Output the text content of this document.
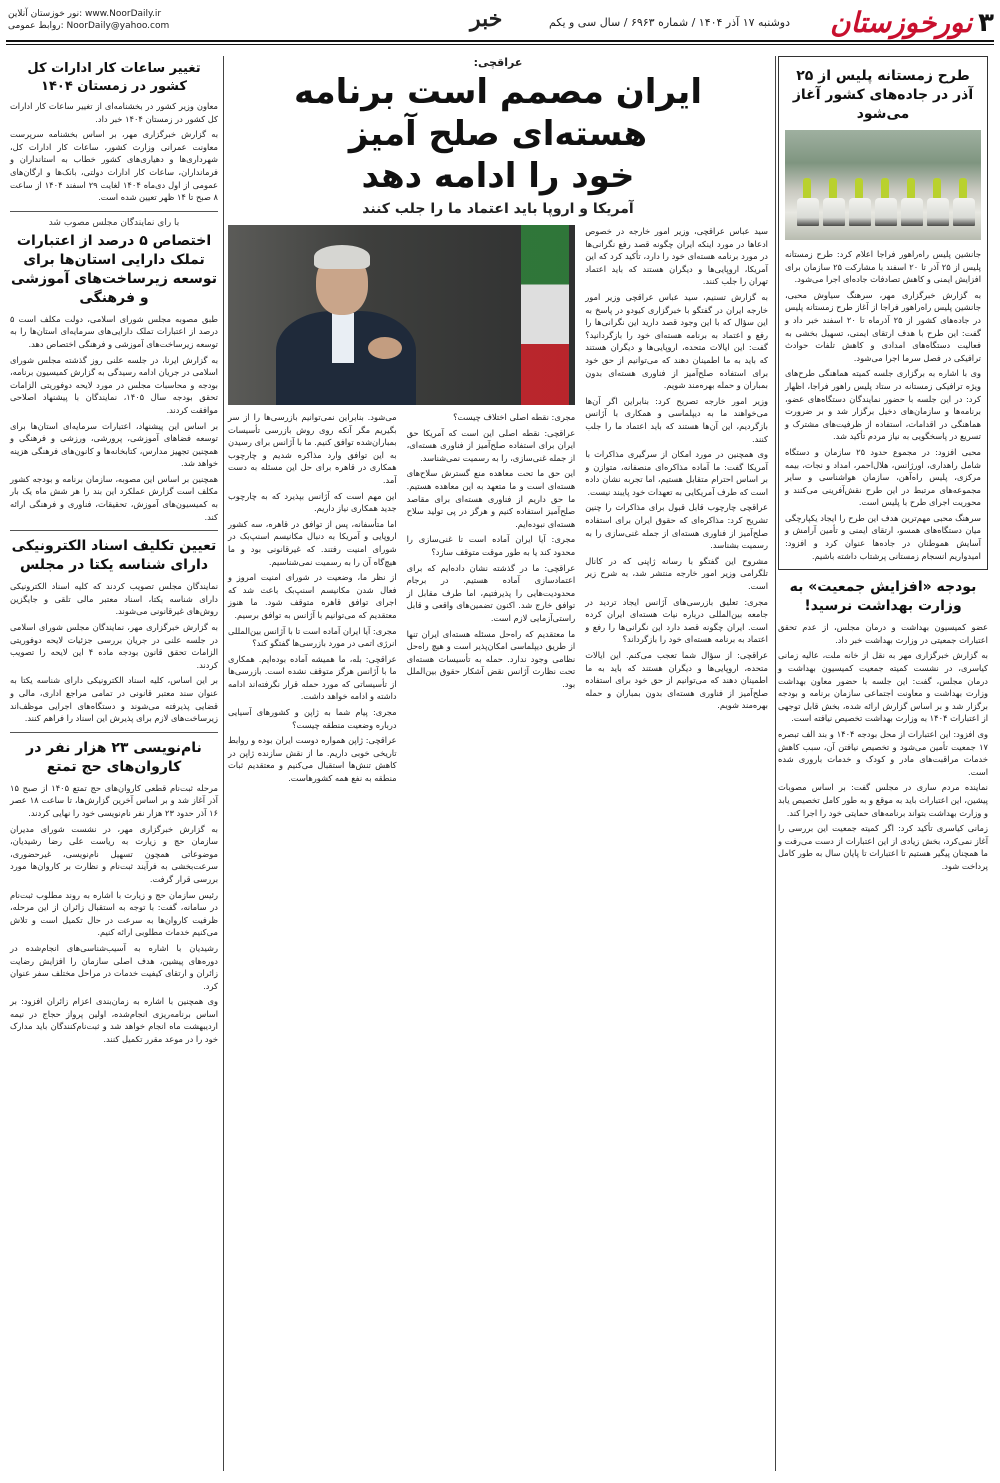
۳
نورخوزستان
دوشنبه ۱۷ آذر ۱۴۰۴ / شماره ۶۹۶۳ / سال سی و یکم
خبر
نور خوزستان آنلاین: www.NoorDaily.ir
روابط عمومی: NoorDaily@yahoo.com
طرح زمستانه پلیس از ۲۵ آذر در جاده‌های کشور آغاز می‌شود

جانشین پلیس راه‌راهور فراجا اعلام کرد: طرح زمستانه پلیس از ۲۵ آذر تا ۲۰ اسفند با مشارکت ۲۵ سازمان برای افزایش ایمنی و کاهش تصادفات جاده‌ای اجرا می‌شود.

به گزارش خبرگزاری مهر، سرهنگ سیاوش محبی، جانشین پلیس راه‌راهور فراجا از آغاز طرح زمستانه پلیس در جاده‌های کشور از ۲۵ آذرماه تا ۲۰ اسفند خبر داد و گفت: این طرح با هدف ارتقای ایمنی، تسهیل بخشی به فعالیت دستگاه‌های امدادی و کاهش تلفات حوادث ترافیکی در فصل سرما اجرا می‌شود.

وی با اشاره به برگزاری جلسه کمیته هماهنگی طرح‌های ویژه ترافیکی زمستانه در ستاد پلیس راهور فراجا، اظهار کرد: در این جلسه با حضور نمایندگان دستگاه‌های عضو، برنامه‌ها و سازمان‌های دخیل برگزار شد و بر ضرورت هماهنگی در اقدامات، استفاده از ظرفیت‌های مشترک و تسریع در پاسخگویی به نیاز مردم تأکید شد.

محبی افزود: در مجموع حدود ۲۵ سازمان و دستگاه شامل راهداری، اورژانس، هلال‌احمر، امداد و نجات، بیمه مرکزی، پلیس راه‌آهن، سازمان هواشناسی و سایر مجموعه‌های مرتبط در این طرح نقش‌آفرینی می‌کنند و محوریت اجرای طرح با پلیس است.

سرهنگ محبی مهم‌ترین هدف این طرح را ایجاد یکپارچگی میان دستگاه‌های همسو، ارتقای ایمنی و تأمین آرامش و آسایش هموطنان در جاده‌ها عنوان کرد و افزود: امیدواریم انسجام زمستانی پرشتاب داشته باشیم.

بودجه «افزایش جمعیت» به وزارت بهداشت نرسید!

عضو کمیسیون بهداشت و درمان مجلس، از عدم تحقق اعتبارات جمعیتی در وزارت بهداشت خبر داد.

به گزارش خبرگزاری مهر به نقل از خانه ملت، عالیه زمانی کیاسری، در نشست کمیته جمعیت کمیسیون بهداشت و درمان مجلس، گفت: این جلسه با حضور معاون بهداشت وزارت بهداشت و معاونت اجتماعی سازمان برنامه و بودجه برگزار شد و بر اساس گزارش ارائه شده، بخش قابل توجهی از اعتبارات ۱۴۰۴ به وزارت بهداشت تخصیص نیافته است.

وی افزود: این اعتبارات از محل بودجه ۱۴۰۴ و بند الف تبصره ۱۷ جمعیت تأمین می‌شود و تخصیص نیافتن آن، سبب کاهش خدمات مراقبت‌های مادر و کودک و خدمات باروری شده است.

نماینده مردم ساری در مجلس گفت: بر اساس مصوبات پیشین، این اعتبارات باید به موقع و به طور کامل تخصیص یابد و وزارت بهداشت بتواند برنامه‌های حمایتی خود را اجرا کند.

زمانی کیاسری تأکید کرد: اگر کمیته جمعیت این بررسی را آغاز نمی‌کرد، بخش زیادی از این اعتبارات از دست می‌رفت و ما همچنان پیگیر هستیم تا اعتبارات تا پایان سال به طور کامل پرداخت شود.

عراقچی:
ایران مصمم است برنامه هسته‌ای صلح آمیز
خود را ادامه دهد
آمریکا و اروپا باید اعتماد ما را جلب کنند

سید عباس عراقچی، وزیر امور خارجه در خصوص ادعاها در مورد اینکه ایران چگونه قصد رفع نگرانی‌ها در مورد برنامه هسته‌ای خود را دارد، تأکید کرد که این آمریکا، اروپایی‌ها و دیگران هستند که باید اعتماد تهران را جلب کنند.

به گزارش تسنیم، سید عباس عراقچی وزیر امور خارجه ایران در گفتگو با خبرگزاری کیودو در پاسخ به این سؤال که با این وجود قصد دارید این نگرانی‌ها را رفع و اعتماد به برنامه هسته‌ای خود را بازگردانید؟ گفت: این ایالات متحده، اروپایی‌ها و دیگران هستند که باید به ما اطمینان دهند که می‌توانیم از حق خود برای استفاده صلح‌آمیز از فناوری هسته‌ای بدون بمباران و حمله بهره‌مند شویم.

وزیر امور خارجه تصریح کرد: بنابراین اگر آن‌ها می‌خواهند ما به دیپلماسی و همکاری با آژانس بازگردیم، این آن‌ها هستند که باید اعتماد ما را جلب کنند.

وی همچنین در مورد امکان از سرگیری مذاکرات با آمریکا گفت: ما آماده مذاکره‌ای منصفانه، متوازن و بر اساس احترام متقابل هستیم، اما تجربه نشان داده است که طرف آمریکایی به تعهدات خود پایبند نیست.

عراقچی چارچوب قابل قبول برای مذاکرات را چنین تشریح کرد: مذاکره‌ای که حقوق ایران برای استفاده صلح‌آمیز از فناوری هسته‌ای از جمله غنی‌سازی را به رسمیت بشناسد.

مشروح این گفتگو با رسانه ژاپنی که در کانال تلگرامی وزیر امور خارجه منتشر شد، به شرح زیر است.

مجری: تعلیق بازرسی‌های آژانس ایجاد تردید در جامعه بین‌المللی درباره نیات هسته‌ای ایران کرده است. ایران چگونه قصد دارد این نگرانی‌ها را رفع و اعتماد به برنامه هسته‌ای خود را بازگرداند؟

عراقچی: از سؤال شما تعجب می‌کنم. این ایالات متحده، اروپایی‌ها و دیگران هستند که باید به ما اطمینان دهند که می‌توانیم از حق خود برای استفاده صلح‌آمیز از فناوری هسته‌ای بدون بمباران و حمله بهره‌مند شویم.

مجری: نقطه اصلی اختلاف چیست؟

عراقچی: نقطه اصلی این است که آمریکا حق ایران برای استفاده صلح‌آمیز از فناوری هسته‌ای، از جمله غنی‌سازی، را به رسمیت نمی‌شناسد.

این حق ما تحت معاهده منع گسترش سلاح‌های هسته‌ای است و ما متعهد به این معاهده هستیم. ما حق داریم از فناوری هسته‌ای برای مقاصد صلح‌آمیز استفاده کنیم و هرگز در پی تولید سلاح هسته‌ای نبوده‌ایم.

مجری: آیا ایران آماده است تا غنی‌سازی را محدود کند یا به طور موقت متوقف سازد؟

عراقچی: ما در گذشته نشان داده‌ایم که برای اعتمادسازی آماده هستیم. در برجام محدودیت‌هایی را پذیرفتیم، اما طرف مقابل از توافق خارج شد. اکنون تضمین‌های واقعی و قابل راستی‌آزمایی لازم است.

ما معتقدیم که راه‌حل مسئله هسته‌ای ایران تنها از طریق دیپلماسی امکان‌پذیر است و هیچ راه‌حل نظامی وجود ندارد. حمله به تأسیسات هسته‌ای تحت نظارت آژانس نقض آشکار حقوق بین‌الملل بود.

می‌شود. بنابراین نمی‌توانیم بازرسی‌ها را از سر بگیریم مگر آنکه روی روش بازرسی تأسیسات بمباران‌شده توافق کنیم. ما با آژانس برای رسیدن به این توافق وارد مذاکره شدیم و چارچوب همکاری در قاهره برای حل این مسئله به دست آمد.

این مهم است که آژانس بپذیرد که به چارچوب جدید همکاری نیاز داریم.

اما متأسفانه، پس از توافق در قاهره، سه کشور اروپایی و آمریکا به دنبال مکانیسم اسنپ‌بک در شورای امنیت رفتند. که غیرقانونی بود و ما هیچ‌گاه آن را به رسمیت نمی‌شناسیم.

از نظر ما، وضعیت در شورای امنیت امروز و فعال شدن مکانیسم اسنپ‌بک باعث شد که اجرای توافق قاهره متوقف شود. ما هنوز معتقدیم که می‌توانیم با آژانس به توافق برسیم.

مجری: آیا ایران آماده است تا با آژانس بین‌المللی انرژی اتمی در مورد بازرسی‌ها گفتگو کند؟

عراقچی: بله، ما همیشه آماده بوده‌ایم. همکاری ما با آژانس هرگز متوقف نشده است. بازرسی‌ها از تأسیساتی که مورد حمله قرار نگرفته‌اند ادامه داشته و ادامه خواهد داشت.

مجری: پیام شما به ژاپن و کشورهای آسیایی درباره وضعیت منطقه چیست؟

عراقچی: ژاپن همواره دوست ایران بوده و روابط تاریخی خوبی داریم. ما از نقش سازنده ژاپن در کاهش تنش‌ها استقبال می‌کنیم و معتقدیم ثبات منطقه به نفع همه کشورهاست.

تغییر ساعات کار ادارات کل کشور در زمستان ۱۴۰۴

معاون وزیر کشور در بخشنامه‌ای از تغییر ساعات کار ادارات کل کشور در زمستان ۱۴۰۴ خبر داد.

به گزارش خبرگزاری مهر، بر اساس بخشنامه سرپرست معاونت عمرانی وزارت کشور، ساعات کار ادارات کل، شهرداری‌ها و دهیاری‌های کشور خطاب به استانداران و فرمانداران، ساعات کار ادارات دولتی، بانک‌ها و ارگان‌های عمومی از اول دی‌ماه ۱۴۰۴ لغایت ۲۹ اسفند ۱۴۰۴ از ساعت ۸ صبح تا ۱۴ ظهر تعیین شده است.

با رای نمایندگان مجلس مصوب شد
اختصاص ۵ درصد از اعتبارات تملک دارایی استان‌ها برای توسعه زیرساخت‌های آموزشی و فرهنگی

طبق مصوبه مجلس شورای اسلامی، دولت مکلف است ۵ درصد از اعتبارات تملک دارایی‌های سرمایه‌ای استان‌ها را به توسعه زیرساخت‌های آموزشی و فرهنگی اختصاص دهد.

به گزارش ایرنا، در جلسه علنی روز گذشته مجلس شورای اسلامی در جریان ادامه رسیدگی به گزارش کمیسیون برنامه، بودجه و محاسبات مجلس در مورد لایحه دوفوریتی الزامات تحقق بودجه سال ۱۴۰۵، نمایندگان با پیشنهاد اصلاحی موافقت کردند.

بر اساس این پیشنهاد، اعتبارات سرمایه‌ای استان‌ها برای توسعه فضاهای آموزشی، پرورشی، ورزشی و فرهنگی و همچنین تجهیز مدارس، کتابخانه‌ها و کانون‌های فرهنگی هزینه خواهد شد.

همچنین بر اساس این مصوبه، سازمان برنامه و بودجه کشور مکلف است گزارش عملکرد این بند را هر شش ماه یک بار به کمیسیون‌های آموزش، تحقیقات، فناوری و فرهنگی ارائه کند.

تعیین تکلیف اسناد الکترونیکی دارای شناسه یکتا در مجلس

نمایندگان مجلس تصویب کردند که کلیه اسناد الکترونیکی دارای شناسه یکتا، اسناد معتبر مالی تلقی و جایگزین روش‌های غیرقانونی می‌شوند.

به گزارش خبرگزاری مهر، نمایندگان مجلس شورای اسلامی در جلسه علنی در جریان بررسی جزئیات لایحه دوفوریتی الزامات تحقق قانون بودجه ماده ۴ این لایحه را تصویب کردند.

بر این اساس، کلیه اسناد الکترونیکی دارای شناسه یکتا به عنوان سند معتبر قانونی در تمامی مراجع اداری، مالی و قضایی پذیرفته می‌شوند و دستگاه‌های اجرایی موظف‌اند زیرساخت‌های لازم برای پذیرش این اسناد را فراهم کنند.

نام‌نویسی ۲۳ هزار نفر در کاروان‌های حج تمتع

مرحله ثبت‌نام قطعی کاروان‌های حج تمتع ۱۴۰۵ از صبح ۱۵ آذر آغاز شد و بر اساس آخرین گزارش‌ها، تا ساعت ۱۸ عصر ۱۶ آذر حدود ۲۳ هزار نفر نام‌نویسی خود را نهایی کردند.

به گزارش خبرگزاری مهر، در نشست شورای مدیران سازمان حج و زیارت به ریاست علی رضا رشیدیان، موضوعاتی همچون تسهیل نام‌نویسی، غیرحضوری، سرعت‌بخشی به فرآیند ثبت‌نام و نظارت بر کاروان‌ها مورد بررسی قرار گرفت.

رئیس سازمان حج و زیارت با اشاره به روند مطلوب ثبت‌نام در سامانه، گفت: با توجه به استقبال زائران از این مرحله، ظرفیت کاروان‌ها به سرعت در حال تکمیل است و تلاش می‌کنیم خدمات مطلوبی ارائه کنیم.

رشیدیان با اشاره به آسیب‌شناسی‌های انجام‌شده در دوره‌های پیشین، هدف اصلی سازمان را افزایش رضایت زائران و ارتقای کیفیت خدمات در مراحل مختلف سفر عنوان کرد.

وی همچنین با اشاره به زمان‌بندی اعزام زائران افزود: بر اساس برنامه‌ریزی انجام‌شده، اولین پرواز حجاج در نیمه اردیبهشت ماه انجام خواهد شد و ثبت‌نام‌کنندگان باید مدارک خود را در موعد مقرر تکمیل کنند.
